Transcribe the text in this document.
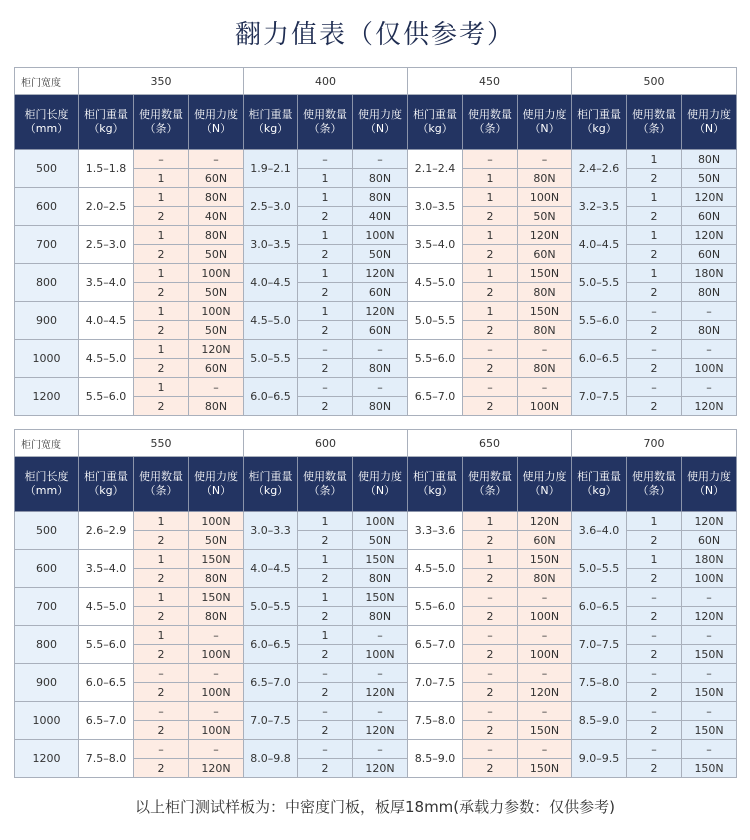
翻力值表（仅供参考）
柜门宽度	350			400			450			500		
柜门长度（mm）	柜门重量（kg）	使用数量（条）	使用力度（N）	柜门重量（kg）	使用数量（条）	使用力度（N）	柜门重量（kg）	使用数量（条）	使用力度（N）	柜门重量（kg）	使用数量（条）	使用力度（N）
500	1.5–1.8	–	–	1.9–2.1	–	–	2.1–2.4	–	–	2.4–2.6	1	80N
		1	60N		1	80N		1	80N		2	50N
600	2.0–2.5	1	80N	2.5–3.0	1	80N	3.0–3.5	1	100N	3.2–3.5	1	120N
		2	40N		2	40N		2	50N		2	60N
700	2.5–3.0	1	80N	3.0–3.5	1	100N	3.5–4.0	1	120N	4.0–4.5	1	120N
		2	50N		2	50N		2	60N		2	60N
800	3.5–4.0	1	100N	4.0–4.5	1	120N	4.5–5.0	1	150N	5.0–5.5	1	180N
		2	50N		2	60N		2	80N		2	80N
900	4.0–4.5	1	100N	4.5–5.0	1	120N	5.0–5.5	1	150N	5.5–6.0	–	–
		2	50N		2	60N		2	80N		2	80N
1000	4.5–5.0	1	120N	5.0–5.5	–	–	5.5–6.0	–	–	6.0–6.5	–	–
		2	60N		2	80N		2	80N		2	100N
1200	5.5–6.0	1	–	6.0–6.5	–	–	6.5–7.0	–	–	7.0–7.5	–	–
		2	80N		2	80N		2	100N		2	120N
柜门宽度	550			600			650			700		
柜门长度（mm）	柜门重量（kg）	使用数量（条）	使用力度（N）	柜门重量（kg）	使用数量（条）	使用力度（N）	柜门重量（kg）	使用数量（条）	使用力度（N）	柜门重量（kg）	使用数量（条）	使用力度（N）
500	2.6–2.9	1	100N	3.0–3.3	1	100N	3.3–3.6	1	120N	3.6–4.0	1	120N
		2	50N		2	50N		2	60N		2	60N
600	3.5–4.0	1	150N	4.0–4.5	1	150N	4.5–5.0	1	150N	5.0–5.5	1	180N
		2	80N		2	80N		2	80N		2	100N
700	4.5–5.0	1	150N	5.0–5.5	1	150N	5.5–6.0	–	–	6.0–6.5	–	–
		2	80N		2	80N		2	100N		2	120N
800	5.5–6.0	1	–	6.0–6.5	1	–	6.5–7.0	–	–	7.0–7.5	–	–
		2	100N		2	100N		2	100N		2	150N
900	6.0–6.5	–	–	6.5–7.0	–	–	7.0–7.5	–	–	7.5–8.0	–	–
		2	100N		2	120N		2	120N		2	150N
1000	6.5–7.0	–	–	7.0–7.5	–	–	7.5–8.0	–	–	8.5–9.0	–	–
		2	100N		2	120N		2	150N		2	150N
1200	7.5–8.0	–	–	8.0–9.8	–	–	8.5–9.0	–	–	9.0–9.5	–	–
		2	120N		2	120N		2	150N		2	150N
以上柜门测试样板为：中密度门板，板厚18mm(承载力参数：仅供参考)
